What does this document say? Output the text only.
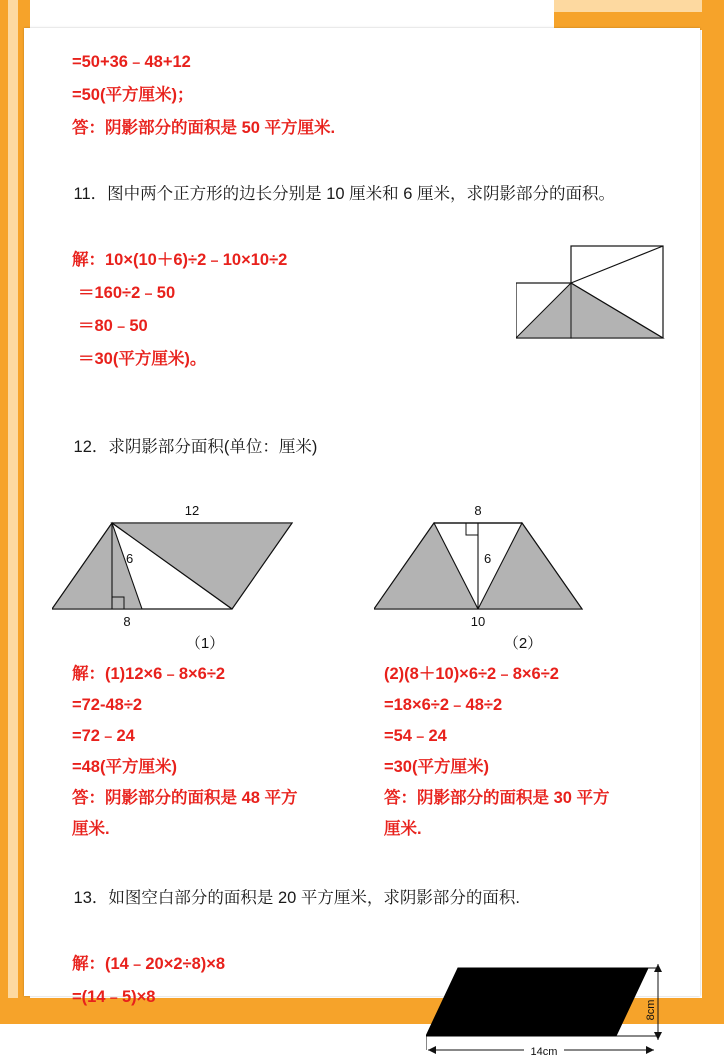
=50+36﹣48+12
=50(平方厘米)；
答：阴影部分的面积是 50 平方厘米.

11．图中两个正方形的边长分别是 10 厘米和 6 厘米，求阴影部分的面积。

解：10×(10＋6)÷2﹣10×10÷2
＝160÷2﹣50
＝80﹣50
＝30(平方厘米)。

12．求阴影部分面积(单位：厘米)

12
6
8
8
6
10
（1）	（2）
解：(1)12×6﹣8×6÷2
=72-48÷2
=72﹣24
=48(平方厘米)
答：阴影部分的面积是 48 平方
厘米.
(2)(8＋10)×6÷2﹣8×6÷2
=18×6÷2﹣48÷2
=54﹣24
=30(平方厘米)
答：阴影部分的面积是 30 平方
厘米.

13．如图空白部分的面积是 20 平方厘米，求阴影部分的面积.

解：(14﹣20×2÷8)×8
=(14﹣5)×8
8cm
14cm
